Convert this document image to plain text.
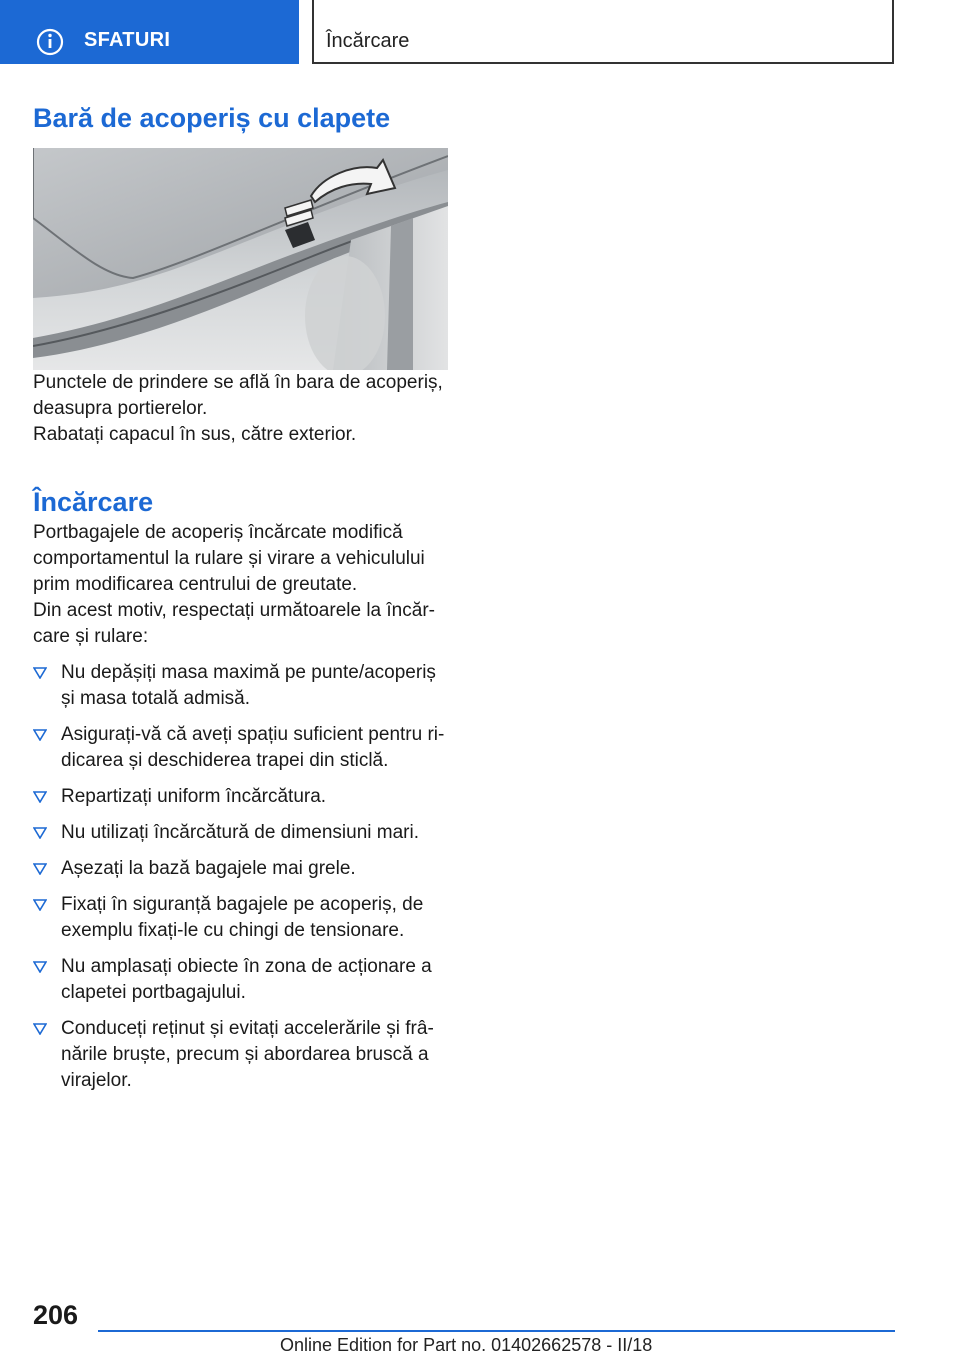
SFATURI	Încărcare
Bară de acoperiș cu clapete

Punctele de prindere se află în bara de acoperiș, deasupra portierelor.

Rabatați capacul în sus, către exterior.

Încărcare

Portbagajele de acoperiș încărcate modifică comportamentul la rulare și virare a vehiculului prim modificarea centrului de greutate.

Din acest motiv, respectați următoarele la încărcare și rulare:

Nu depășiți masa maximă pe punte/acoperiș și masa totală admisă.
Asigurați-vă că aveți spațiu suficient pentru ridicarea și deschiderea trapei din sticlă.
Repartizați uniform încărcătura.
Nu utilizați încărcătură de dimensiuni mari.
Așezați la bază bagajele mai grele.
Fixați în siguranță bagajele pe acoperiș, de exemplu fixați-le cu chingi de tensionare.
Nu amplasați obiecte în zona de acționare a clapetei portbagajului.
Conduceți reținut și evitați accelerările și frânările bruște, precum și abordarea bruscă a virajelor.
206
Online Edition for Part no. 01402662578 - II/18
